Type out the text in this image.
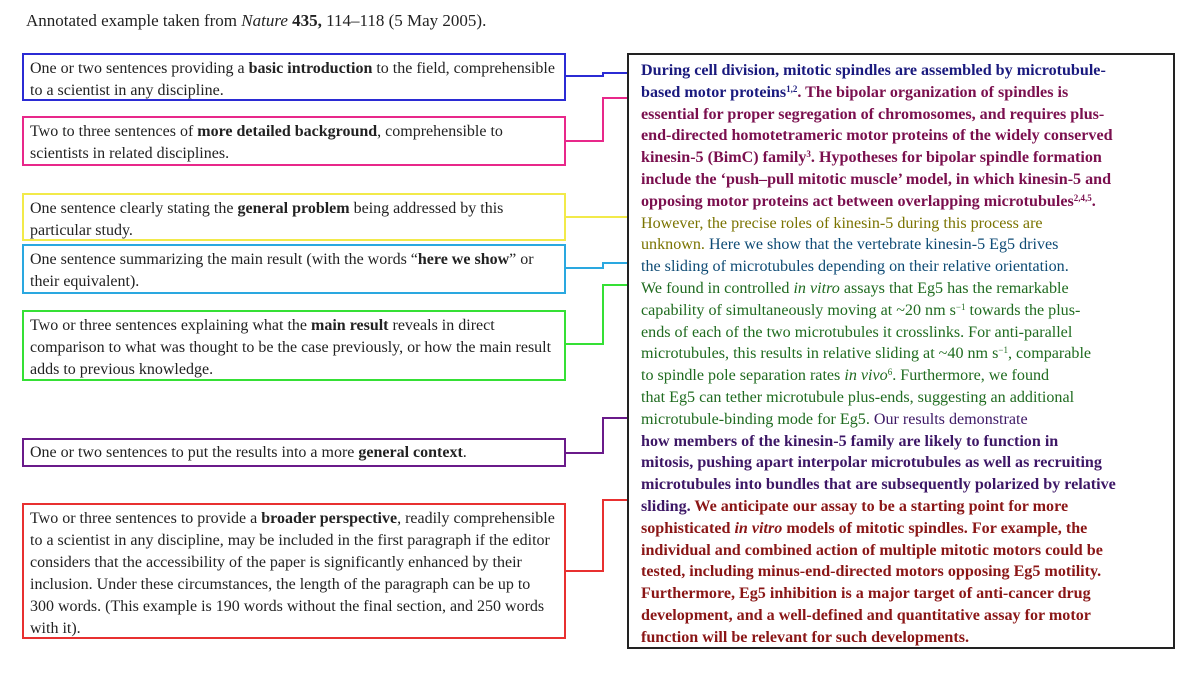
Annotated example taken from Nature 435, 114–118 (5 May 2005).
One or two sentences providing a basic introduction to the field, comprehensible to a scientist in any discipline.
Two to three sentences of more detailed background, comprehensible to scientists in related disciplines.
One sentence clearly stating the general problem being addressed by this particular study.
One sentence summarizing the main result (with the words “here we show” or their equivalent).
Two or three sentences explaining what the main result reveals in direct comparison to what was thought to be the case previously, or how the main result adds to previous knowledge.
One or two sentences to put the results into a more general context.
Two or three sentences to provide a broader perspective, readily comprehensible to a scientist in any discipline, may be included in the first paragraph if the editor considers that the accessibility of the paper is significantly enhanced by their inclusion. Under these circumstances, the length of the paragraph can be up to 300 words. (This example is 190 words without the final section, and 250 words with it).
During cell division, mitotic spindles are assembled by microtubule-
based motor proteins$^{1,2}$. The bipolar organization of spindles is
essential for proper segregation of chromosomes, and requires plus-
end-directed homotetrameric motor proteins of the widely conserved
kinesin-5 (BimC) family$^3$. Hypotheses for bipolar spindle formation
include the ‘push–pull mitotic muscle’ model, in which kinesin-5 and
opposing motor proteins act between overlapping microtubules$^{2,4,5}$.
However, the precise roles of kinesin-5 during this process are
unknown. Here we show that the vertebrate kinesin-5 Eg5 drives
the sliding of microtubules depending on their relative orientation.
We found in controlled in vitro assays that Eg5 has the remarkable
capability of simultaneously moving at ~20 nm $s^{-1}$ towards the plus-
ends of each of the two microtubules it crosslinks. For anti-parallel
microtubules, this results in relative sliding at ~40 nm $s^{-1}$, comparable
to spindle pole separation rates in vivo$^6$. Furthermore, we found
that Eg5 can tether microtubule plus-ends, suggesting an additional
microtubule-binding mode for Eg5. Our results demonstrate
how members of the kinesin-5 family are likely to function in
mitosis, pushing apart interpolar microtubules as well as recruiting
microtubules into bundles that are subsequently polarized by relative
sliding. We anticipate our assay to be a starting point for more
sophisticated in vitro models of mitotic spindles. For example, the
individual and combined action of multiple mitotic motors could be
tested, including minus-end-directed motors opposing Eg5 motility.
Furthermore, Eg5 inhibition is a major target of anti-cancer drug
development, and a well-defined and quantitative assay for motor
function will be relevant for such developments.
